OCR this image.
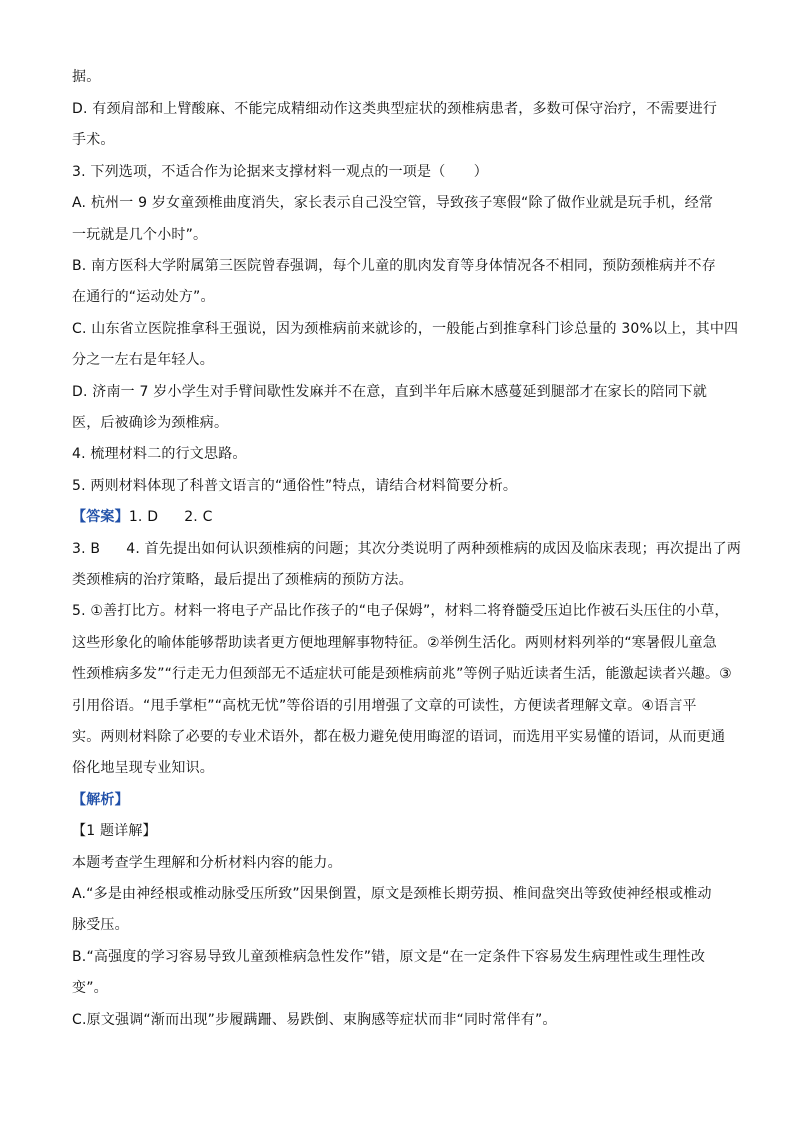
据。
D. 有颈肩部和上臂酸麻、不能完成精细动作这类典型症状的颈椎病患者，多数可保守治疗，不需要进行
手术。
3. 下列选项，不适合作为论据来支撑材料一观点的一项是（　　）
A. 杭州一 9 岁女童颈椎曲度消失，家长表示自己没空管，导致孩子寒假“除了做作业就是玩手机，经常
一玩就是几个小时”。
B. 南方医科大学附属第三医院曾春强调，每个儿童的肌肉发育等身体情况各不相同，预防颈椎病并不存
在通行的“运动处方”。
C. 山东省立医院推拿科王强说，因为颈椎病前来就诊的，一般能占到推拿科门诊总量的 30%以上，其中四
分之一左右是年轻人。
D. 济南一 7 岁小学生对手臂间歇性发麻并不在意，直到半年后麻木感蔓延到腿部才在家长的陪同下就
医，后被确诊为颈椎病。
4. 梳理材料二的行文思路。
5. 两则材料体现了科普文语言的“通俗性”特点，请结合材料简要分析。
【答案】1. D 2. C
3. B 4. 首先提出如何认识颈椎病的问题；其次分类说明了两种颈椎病的成因及临床表现；再次提出了两
类颈椎病的治疗策略，最后提出了颈椎病的预防方法。
5. ①善打比方。材料一将电子产品比作孩子的“电子保姆”，材料二将脊髓受压迫比作被石头压住的小草，
这些形象化的喻体能够帮助读者更方便地理解事物特征。②举例生活化。两则材料列举的“寒暑假儿童急
性颈椎病多发”“行走无力但颈部无不适症状可能是颈椎病前兆”等例子贴近读者生活，能激起读者兴趣。③
引用俗语。“甩手掌柜”“高枕无忧”等俗语的引用增强了文章的可读性，方便读者理解文章。④语言平
实。两则材料除了必要的专业术语外，都在极力避免使用晦涩的语词，而选用平实易懂的语词，从而更通
俗化地呈现专业知识。
【解析】
【1 题详解】
本题考查学生理解和分析材料内容的能力。
A.“多是由神经根或椎动脉受压所致”因果倒置，原文是颈椎长期劳损、椎间盘突出等致使神经根或椎动
脉受压。
B.“高强度的学习容易导致儿童颈椎病急性发作”错，原文是“在一定条件下容易发生病理性或生理性改
变”。
C.原文强调“渐而出现”步履蹒跚、易跌倒、束胸感等症状而非“同时常伴有”。
